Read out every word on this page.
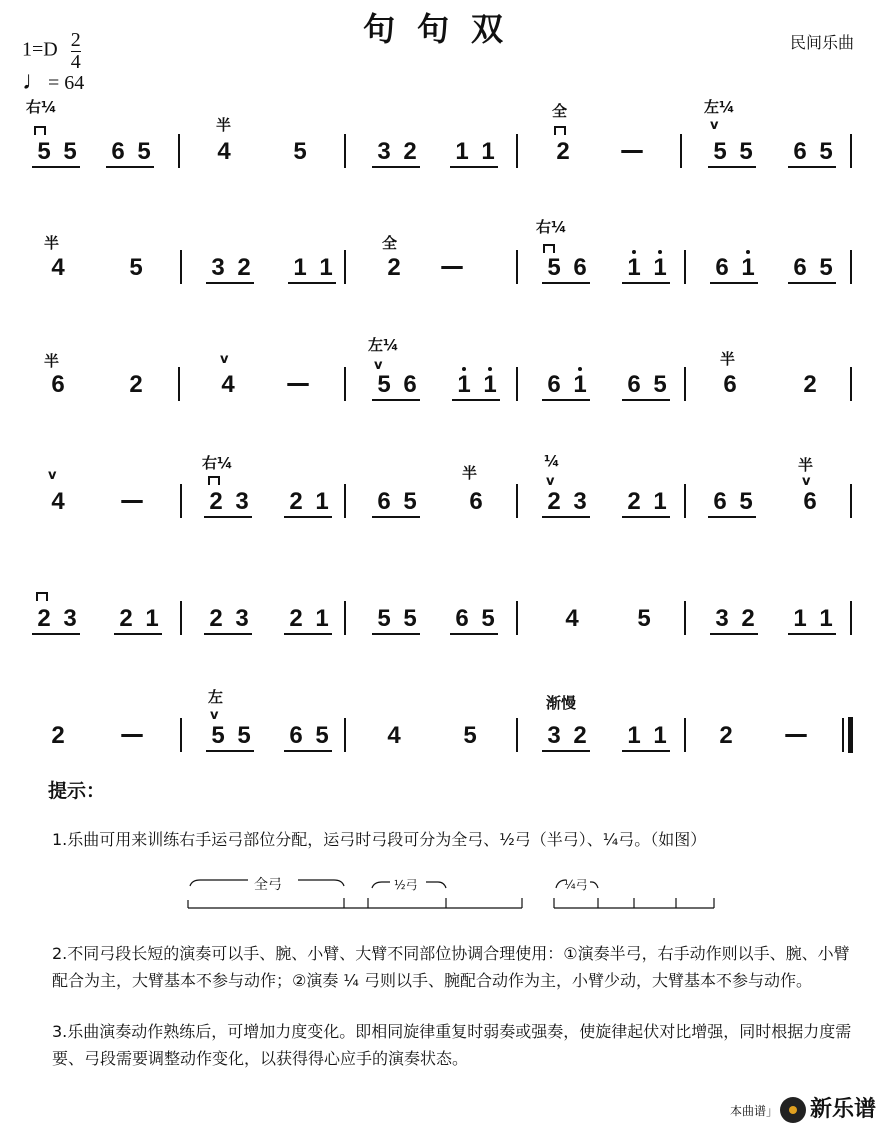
句句双	民间乐曲
$1=D \frac{2}{4}$
♩= 64
5 5 6 5	4	5	3 2 1 1	2 —	5 5 6 5
4	5	3 2 1 1 2 —	5 6 1 1 6 1 6 5
6	2	4 —	5 6 1 1 6 1 6 5 6	2
4 —	2 3 2 1 6 5 6	2 3 2 1 6 5 6
2 3 2 1 2 3 2 1 5 5 6 5	4 5	3 2 1 1
2 —	5 5 6 5 4	5	3 2 1 1 2 —
右¼
半
全	左¼
v
半	全
右¼
半	v
左¼
v	半
v
右¼
半
¼
v
半
v
左
v
渐慢
提示：
1.乐曲可用来训练右手运弓部位分配，运弓时弓段可分为全弓、½弓（半弓）、¼弓。（如图）
全弓	½弓	¼弓
2.不同弓段长短的演奏可以手、腕、小臂、大臂不同部位协调合理使用：①演奏半弓，右手动作则以手、腕、小臂配合为主，大臂基本不参与动作；②演奏 ¼ 弓则以手、腕配合动作为主，小臂少动，大臂基本不参与动作。
3.乐曲演奏动作熟练后，可增加力度变化。即相同旋律重复时弱奏或强奏，使旋律起伏对比增强，同时根据力度需要、弓段需要调整动作变化，以获得得心应手的演奏状态。
本曲谱」	新乐谱
